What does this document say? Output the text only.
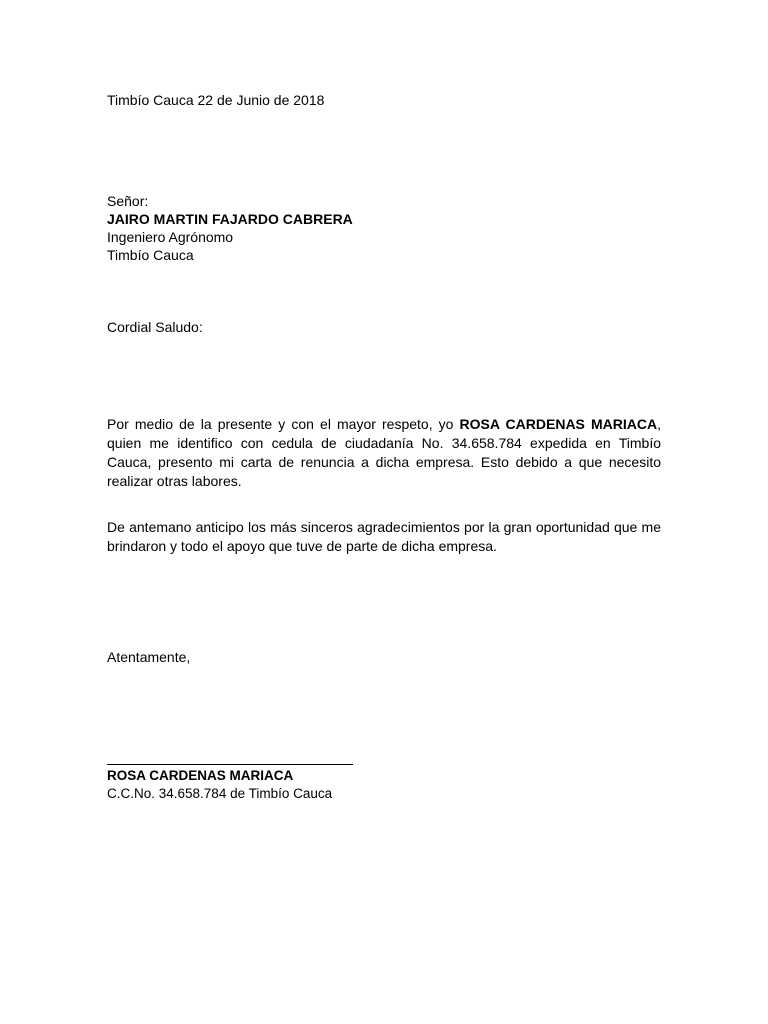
Timbío Cauca 22 de Junio de 2018
Señor:
JAIRO MARTIN FAJARDO CABRERA
Ingeniero Agrónomo
Timbío Cauca
Cordial Saludo:
Por medio de la presente y con el mayor respeto, yo ROSA CARDENAS MARIACA, quien me identifico con cedula de ciudadanía No. 34.658.784 expedida en Timbío Cauca, presento mi carta de renuncia a dicha empresa. Esto debido a que necesito realizar otras labores.
De antemano anticipo los más sinceros agradecimientos por la gran oportunidad que me brindaron y todo el apoyo que tuve de parte de dicha empresa.
Atentamente,
ROSA CARDENAS MARIACA
C.C.No. 34.658.784 de Timbío Cauca
